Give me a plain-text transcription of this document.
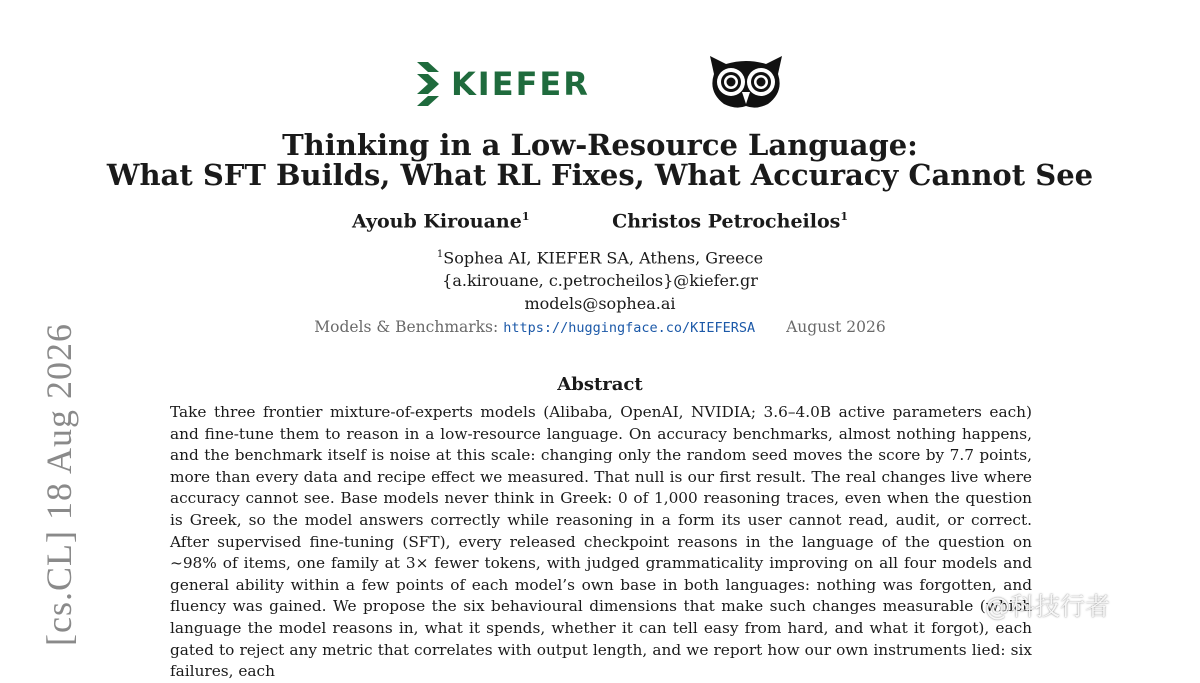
KIEFER
Thinking in a Low-Resource Language:
What SFT Builds, What RL Fixes, What Accuracy Cannot See
Ayoub Kirouane$^1$	Christos Petrocheilos$^1$
$^1$Sophea AI, KIEFER SA, Athens, Greece
{a.kirouane, c.petrocheilos}@kiefer.gr
models@sophea.ai
Models & Benchmarks: https://huggingface.co/KIEFERSA August 2026
Abstract
Take three frontier mixture-of-experts models (Alibaba, OpenAI, NVIDIA; 3.6–4.0B active parameters each) and fine-tune them to reason in a low-resource language. On accuracy benchmarks, almost nothing happens, and the benchmark itself is noise at this scale: changing only the random seed moves the score by 7.7 points, more than every data and recipe effect we measured. That null is our first result. The real changes live where accuracy cannot see. Base models never think in Greek: 0 of 1,000 reasoning traces, even when the question is Greek, so the model answers correctly while reasoning in a form its user cannot read, audit, or correct. After supervised fine-tuning (SFT), every released checkpoint reasons in the language of the question on ~98% of items, one family at 3× fewer tokens, with judged grammaticality improving on all four models and general ability within a few points of each model’s own base in both languages: nothing was forgotten, and fluency was gained. We propose the six behavioural dimensions that make such changes measurable (which language the model reasons in, what it spends, whether it can tell easy from hard, and what it forgot), each gated to reject any metric that correlates with output length, and we report how our own instruments lied: six failures, each
[cs.CL] 18 Aug 2026	@科技行者
